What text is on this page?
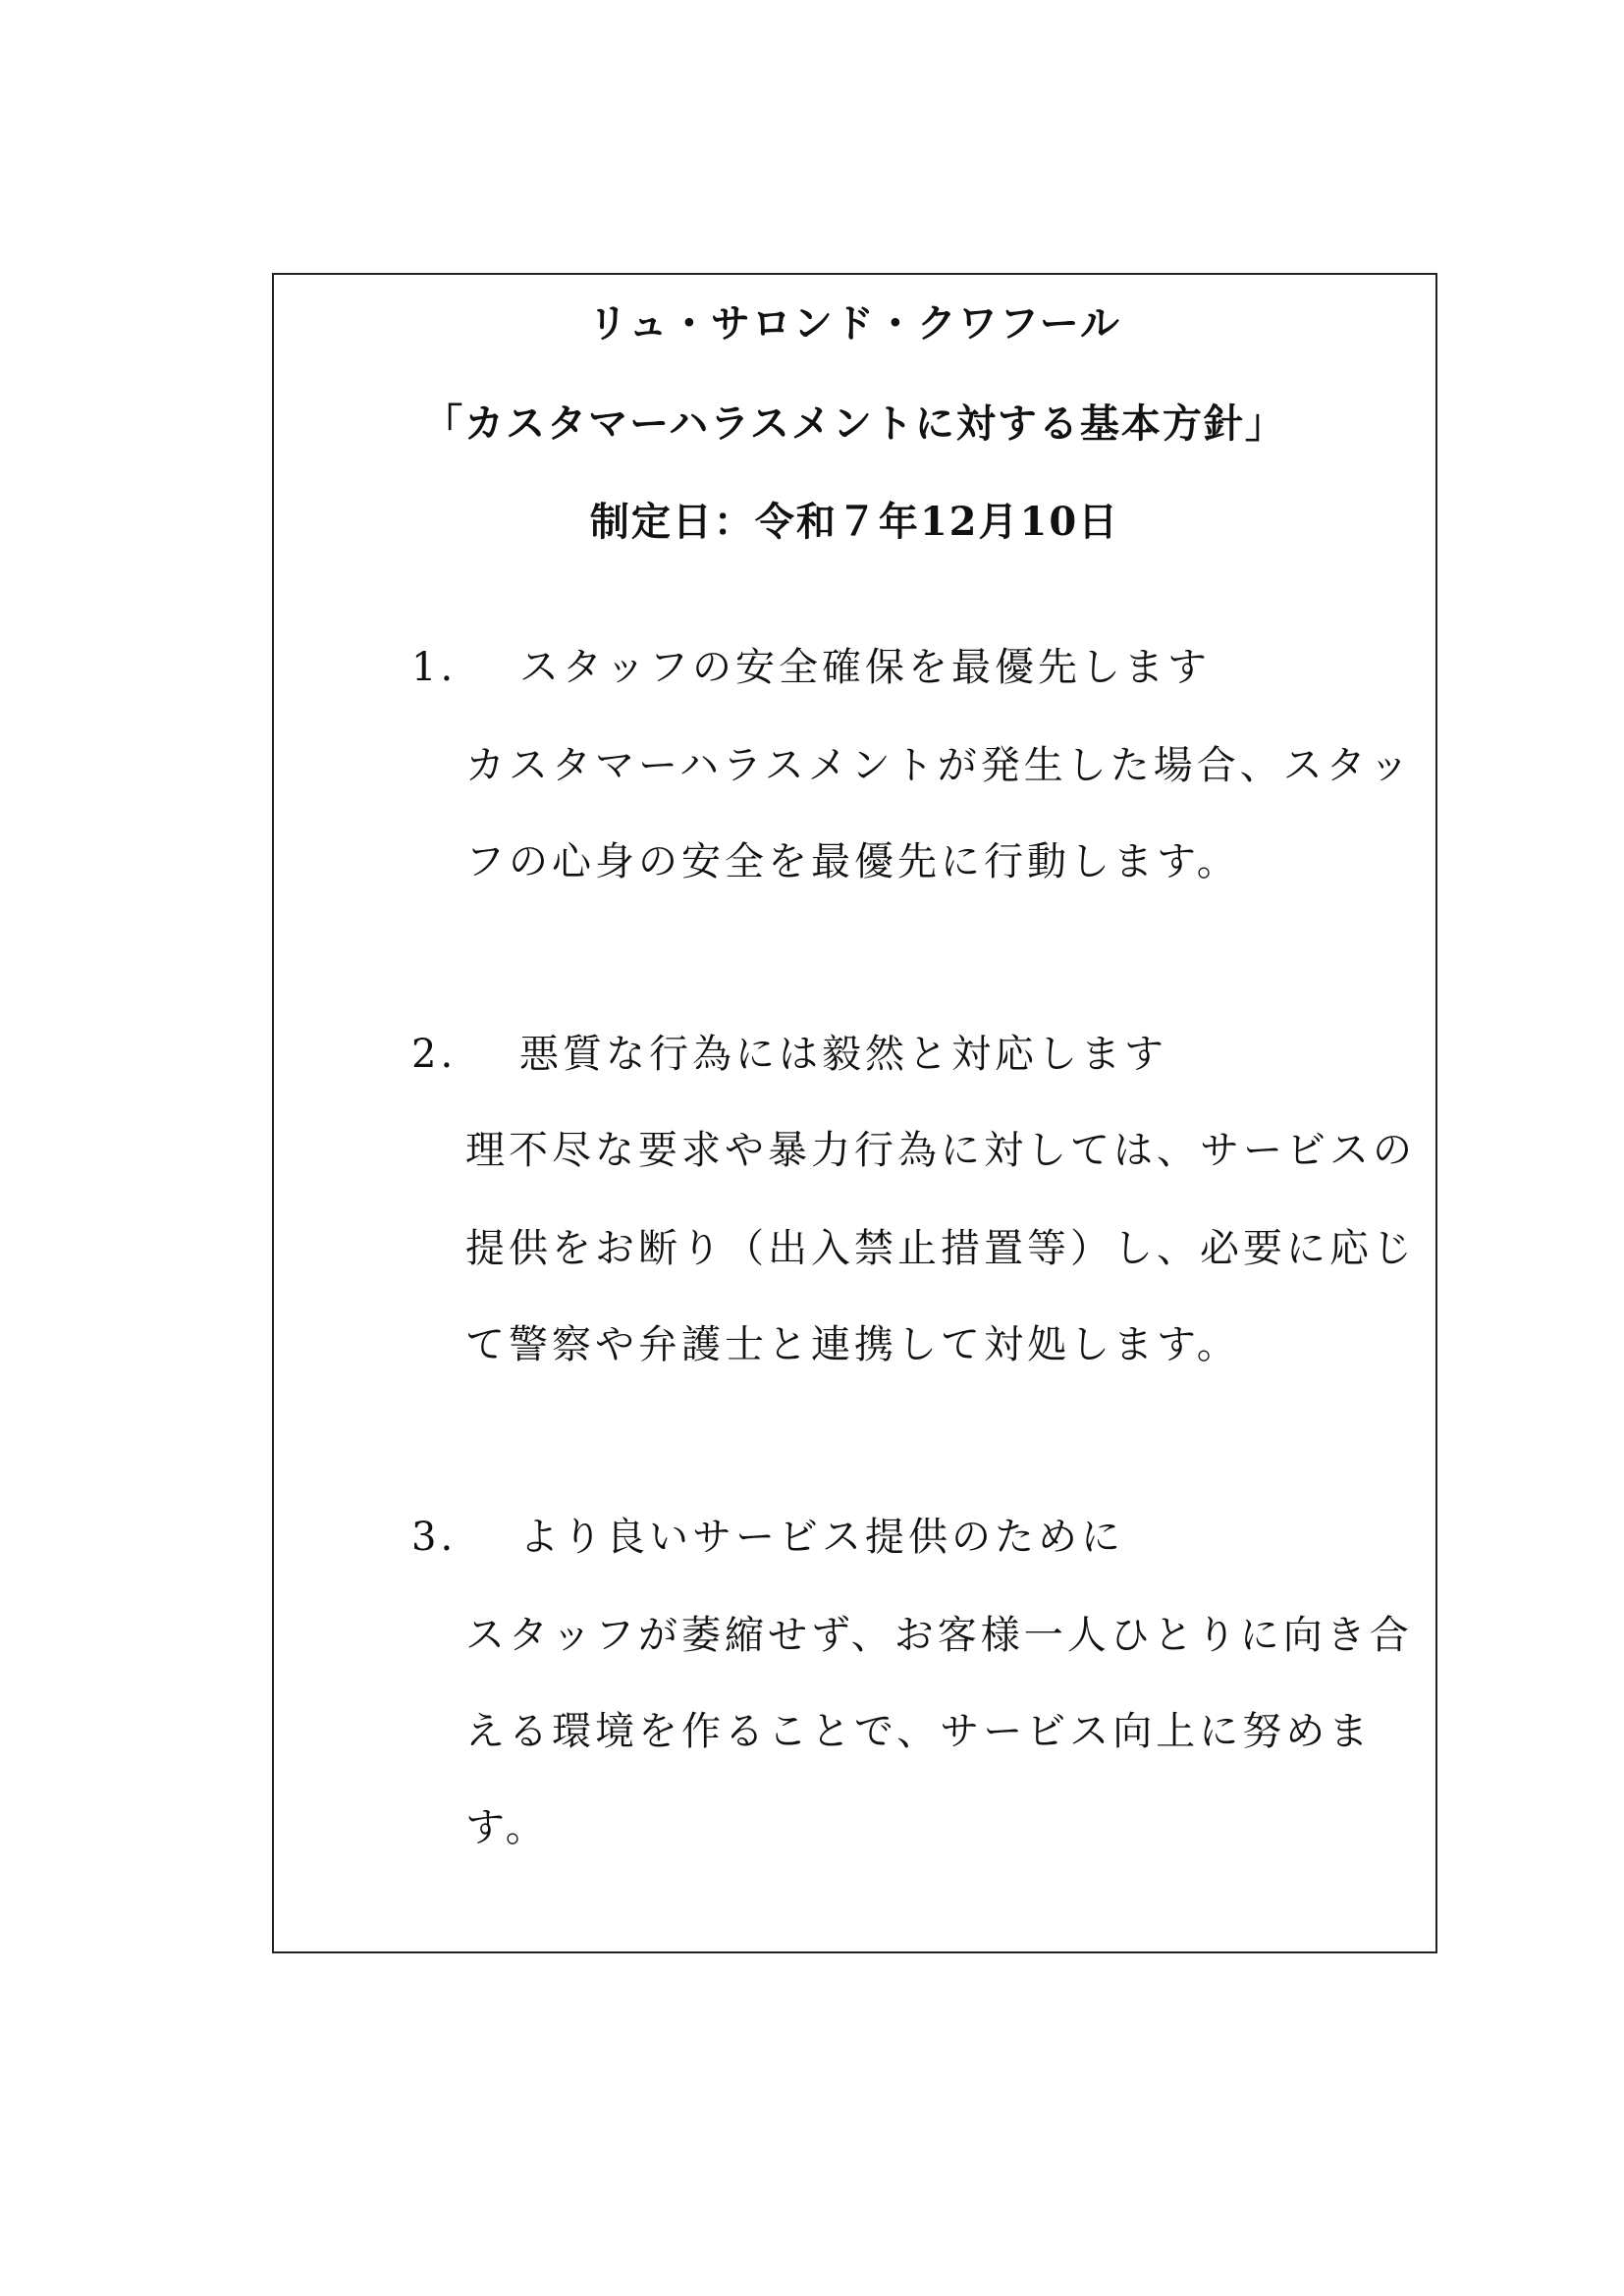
リュ・サロンド・クワフール
「カスタマーハラスメントに対する基本方針」
制定日：令和７年12月10日
1. スタッフの安全確保を最優先します
カスタマーハラスメントが発生した場合、スタッ
フの心身の安全を最優先に行動します。
2. 悪質な行為には毅然と対応します
理不尽な要求や暴力行為に対しては、サービスの
提供をお断り（出入禁止措置等）し、必要に応じ
て警察や弁護士と連携して対処します。
3. より良いサービス提供のために
スタッフが萎縮せず、お客様一人ひとりに向き合
える環境を作ることで、サービス向上に努めま
す。
